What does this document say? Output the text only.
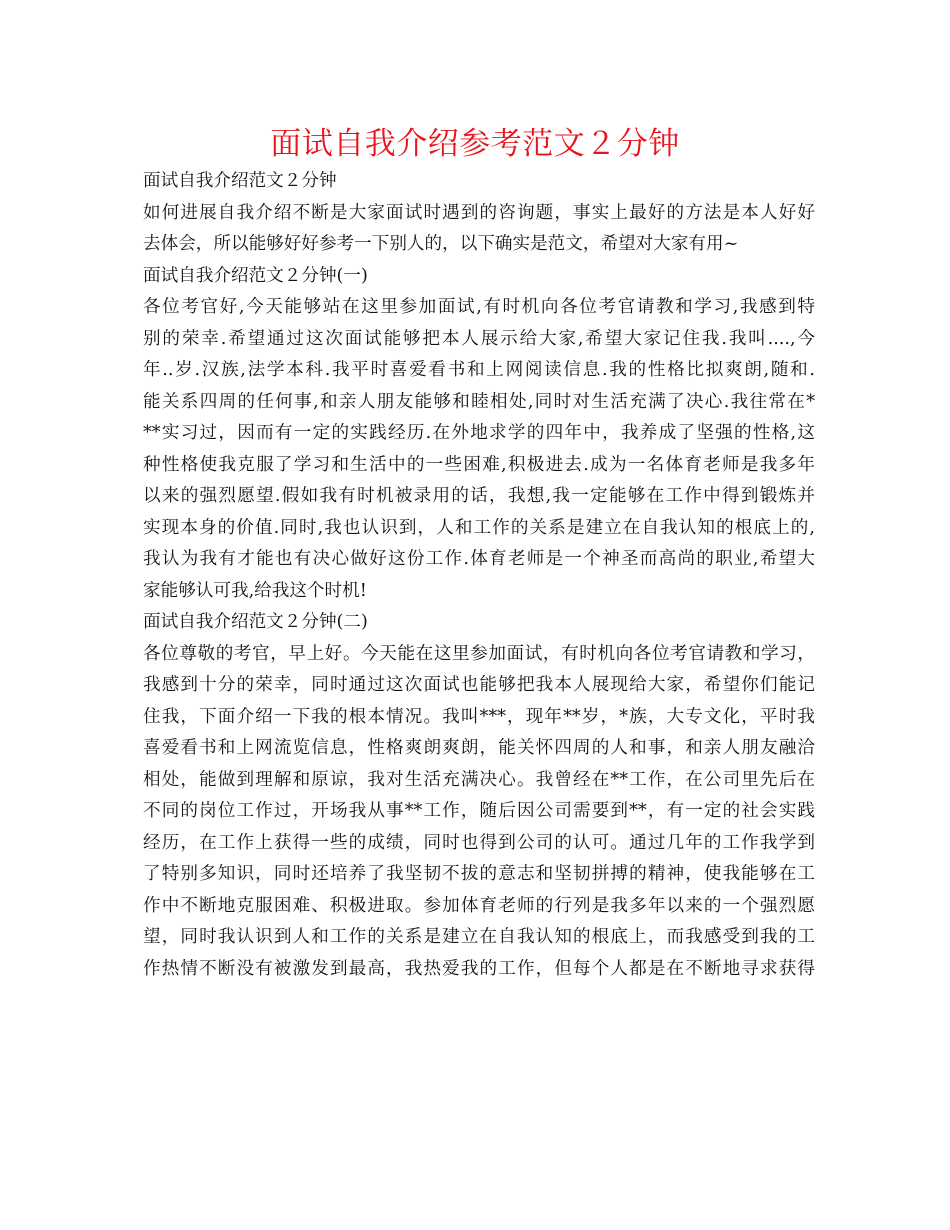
面试自我介绍参考范文２分钟
面试自我介绍范文２分钟
如何进展自我介绍不断是大家面试时遇到的咨询题，事实上最好的方法是本人好好
去体会，所以能够好好参考一下别人的，以下确实是范文，希望对大家有用~
面试自我介绍范文２分钟(一)
各位考官好,今天能够站在这里参加面试,有时机向各位考官请教和学习,我感到特
别的荣幸.希望通过这次面试能够把本人展示给大家,希望大家记住我.我叫....,今
年..岁.汉族,法学本科.我平时喜爱看书和上网阅读信息.我的性格比拟爽朗,随和.
能关系四周的任何事,和亲人朋友能够和睦相处,同时对生活充满了决心.我往常在*
**实习过，因而有一定的实践经历.在外地求学的四年中，我养成了坚强的性格,这
种性格使我克服了学习和生活中的一些困难,积极进去.成为一名体育老师是我多年
以来的强烈愿望.假如我有时机被录用的话，我想,我一定能够在工作中得到锻炼并
实现本身的价值.同时,我也认识到，人和工作的关系是建立在自我认知的根底上的,
我认为我有才能也有决心做好这份工作.体育老师是一个神圣而高尚的职业,希望大
家能够认可我,给我这个时机!
面试自我介绍范文２分钟(二)
各位尊敬的考官，早上好。今天能在这里参加面试，有时机向各位考官请教和学习，
我感到十分的荣幸，同时通过这次面试也能够把我本人展现给大家，希望你们能记
住我，下面介绍一下我的根本情况。我叫***，现年**岁，*族，大专文化，平时我
喜爱看书和上网流览信息，性格爽朗爽朗，能关怀四周的人和事，和亲人朋友融洽
相处，能做到理解和原谅，我对生活充满决心。我曾经在**工作，在公司里先后在
不同的岗位工作过，开场我从事**工作，随后因公司需要到**，有一定的社会实践
经历，在工作上获得一些的成绩，同时也得到公司的认可。通过几年的工作我学到
了特别多知识，同时还培养了我坚韧不拔的意志和坚韧拼搏的精神，使我能够在工
作中不断地克服困难、积极进取。参加体育老师的行列是我多年以来的一个强烈愿
望，同时我认识到人和工作的关系是建立在自我认知的根底上，而我感受到我的工
作热情不断没有被激发到最高，我热爱我的工作，但每个人都是在不断地寻求获得
